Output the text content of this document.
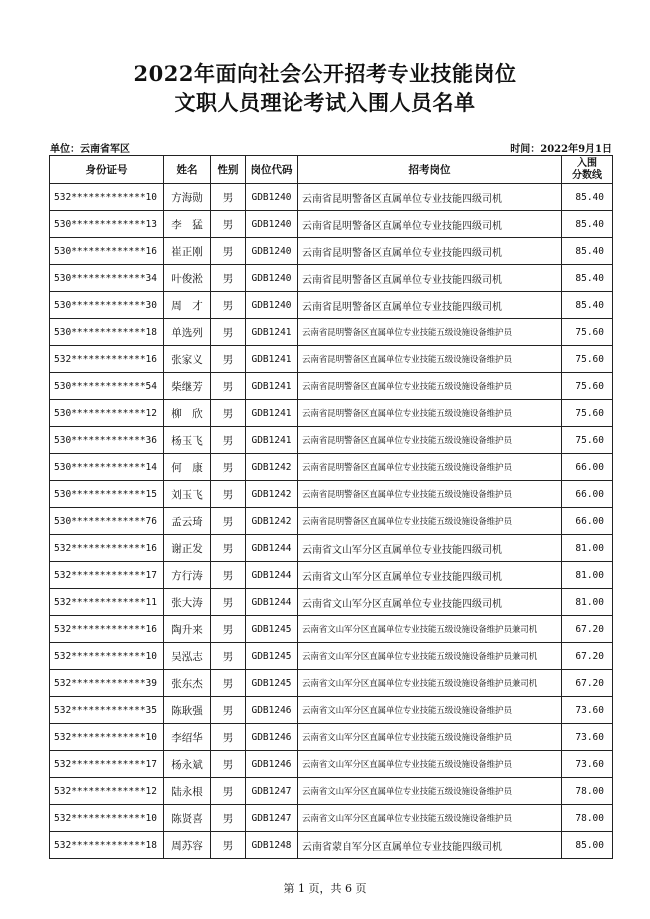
2022年面向社会公开招考专业技能岗位
文职人员理论考试入围人员名单
单位：云南省军区	时间：2022年9月1日
身份证号	姓名	性别	岗位代码	招考岗位	入围
分数线

532*************10	方海勋	男	GDB1240	云南省昆明警备区直属单位专业技能四级司机	85.40
530*************13	李　猛	男	GDB1240	云南省昆明警备区直属单位专业技能四级司机	85.40
530*************16	崔正刚	男	GDB1240	云南省昆明警备区直属单位专业技能四级司机	85.40
530*************34	叶俊淞	男	GDB1240	云南省昆明警备区直属单位专业技能四级司机	85.40
530*************30	周　才	男	GDB1240	云南省昆明警备区直属单位专业技能四级司机	85.40
530*************18	单选列	男	GDB1241	云南省昆明警备区直属单位专业技能五级设施设备维护员	75.60
532*************16	张家义	男	GDB1241	云南省昆明警备区直属单位专业技能五级设施设备维护员	75.60
530*************54	柴继芳	男	GDB1241	云南省昆明警备区直属单位专业技能五级设施设备维护员	75.60
530*************12	柳　欣	男	GDB1241	云南省昆明警备区直属单位专业技能五级设施设备维护员	75.60
530*************36	杨玉飞	男	GDB1241	云南省昆明警备区直属单位专业技能五级设施设备维护员	75.60
530*************14	何　康	男	GDB1242	云南省昆明警备区直属单位专业技能五级设施设备维护员	66.00
530*************15	刘玉飞	男	GDB1242	云南省昆明警备区直属单位专业技能五级设施设备维护员	66.00
530*************76	孟云琦	男	GDB1242	云南省昆明警备区直属单位专业技能五级设施设备维护员	66.00
532*************16	谢正发	男	GDB1244	云南省文山军分区直属单位专业技能四级司机	81.00
532*************17	方行涛	男	GDB1244	云南省文山军分区直属单位专业技能四级司机	81.00
532*************11	张大涛	男	GDB1244	云南省文山军分区直属单位专业技能四级司机	81.00
532*************16	陶升来	男	GDB1245	云南省文山军分区直属单位专业技能五级设施设备维护员兼司机	67.20
532*************10	吴泓志	男	GDB1245	云南省文山军分区直属单位专业技能五级设施设备维护员兼司机	67.20
532*************39	张东杰	男	GDB1245	云南省文山军分区直属单位专业技能五级设施设备维护员兼司机	67.20
532*************35	陈耿强	男	GDB1246	云南省文山军分区直属单位专业技能五级设施设备维护员	73.60
532*************10	李绍华	男	GDB1246	云南省文山军分区直属单位专业技能五级设施设备维护员	73.60
532*************17	杨永斌	男	GDB1246	云南省文山军分区直属单位专业技能五级设施设备维护员	73.60
532*************12	陆永根	男	GDB1247	云南省文山军分区直属单位专业技能五级设施设备维护员	78.00
532*************10	陈贤喜	男	GDB1247	云南省文山军分区直属单位专业技能五级设施设备维护员	78.00
532*************18	周苏容	男	GDB1248	云南省蒙自军分区直属单位专业技能四级司机	85.00
第 1 页，共 6 页
